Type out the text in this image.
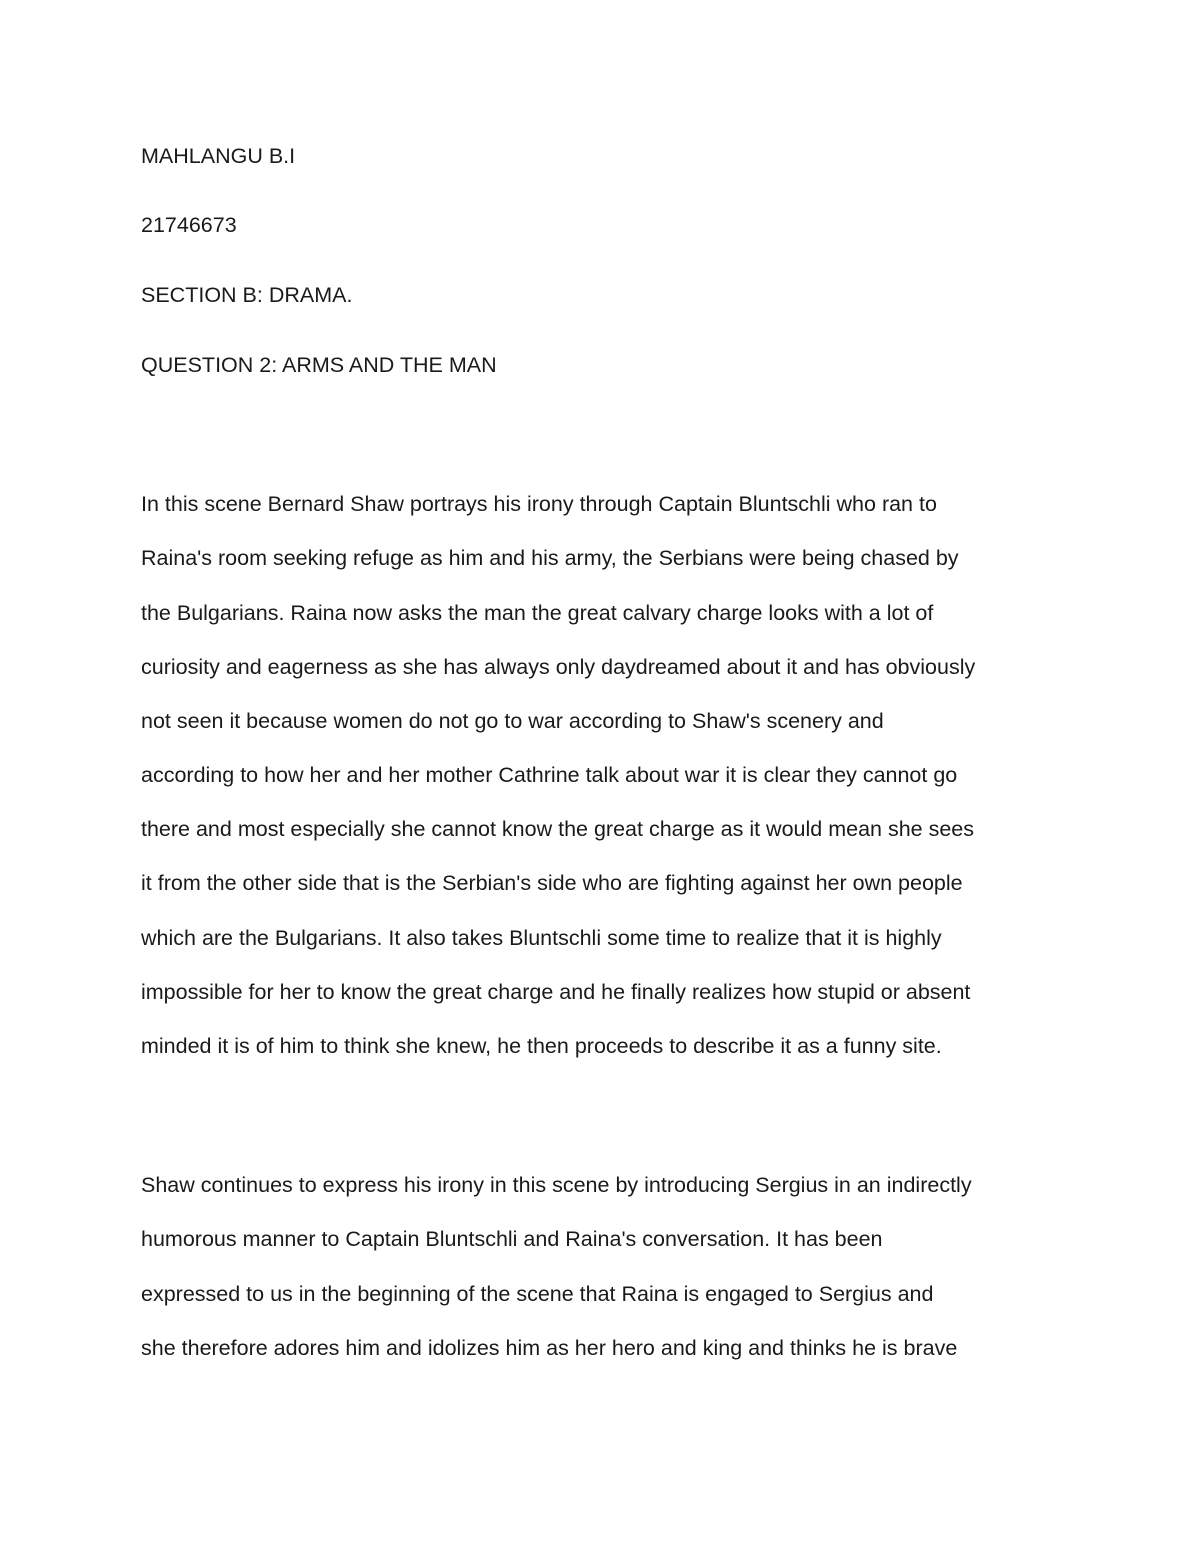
MAHLANGU B.I
21746673
SECTION B: DRAMA.
QUESTION 2: ARMS AND THE MAN
In this scene Bernard Shaw portrays his irony through Captain Bluntschli who ran to
Raina's room seeking refuge as him and his army, the Serbians were being chased by
the Bulgarians. Raina now asks the man the great calvary charge looks with a lot of
curiosity and eagerness as she has always only daydreamed about it and has obviously
not seen it because women do not go to war according to Shaw's scenery and
according to how her and her mother Cathrine talk about war it is clear they cannot go
there and most especially she cannot know the great charge as it would mean she sees
it from the other side that is the Serbian's side who are fighting against her own people
which are the Bulgarians. It also takes Bluntschli some time to realize that it is highly
impossible for her to know the great charge and he finally realizes how stupid or absent
minded it is of him to think she knew, he then proceeds to describe it as a funny site.
Shaw continues to express his irony in this scene by introducing Sergius in an indirectly
humorous manner to Captain Bluntschli and Raina's conversation. It has been
expressed to us in the beginning of the scene that Raina is engaged to Sergius and
she therefore adores him and idolizes him as her hero and king and thinks he is brave
